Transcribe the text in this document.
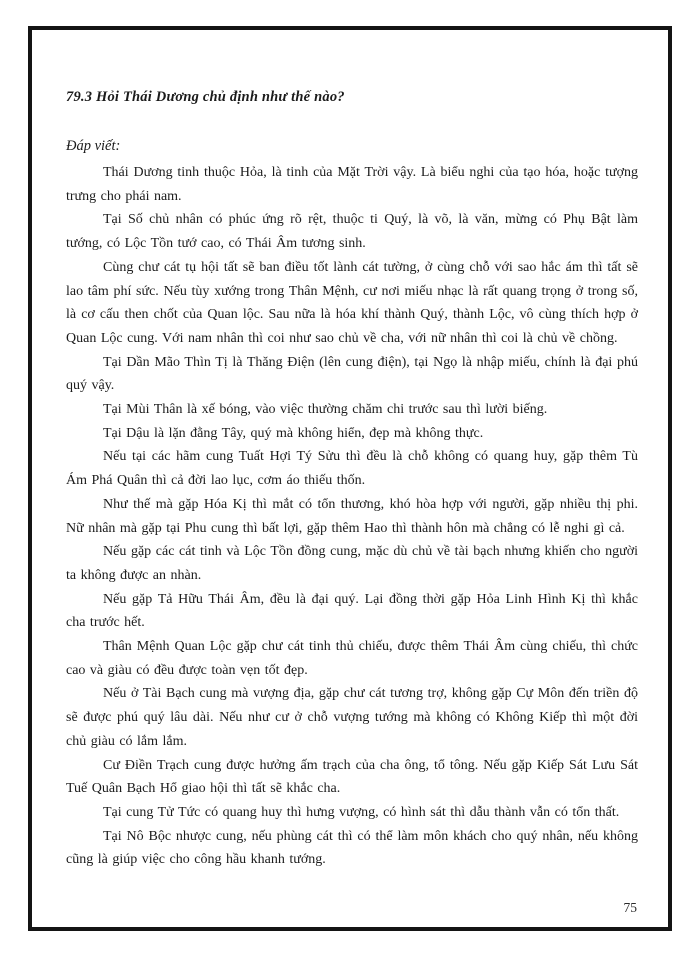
79.3 Hỏi Thái Dương chủ định như thế nào?
Đáp viết:

Thái Dương tinh thuộc Hỏa, là tinh của Mặt Trời vậy. Là biểu nghi của tạo hóa, hoặc tượng trưng cho phái nam.

Tại Số chủ nhân có phúc ứng rõ rệt, thuộc ti Quý, là võ, là văn, mừng có Phụ Bật làm tướng, có Lộc Tồn tướ cao, có Thái Âm tương sinh.

Cùng chư cát tụ hội tất sẽ ban điều tốt lành cát tường, ở cùng chỗ với sao hắc ám thì tất sẽ lao tâm phí sức. Nếu tùy xướng trong Thân Mệnh, cư nơi miếu nhạc là rất quang trọng ở trong số, là cơ cấu then chốt của Quan lộc. Sau nữa là hóa khí thành Quý, thành Lộc, vô cùng thích hợp ở Quan Lộc cung. Với nam nhân thì coi như sao chủ về cha, với nữ nhân thì coi là chủ về chồng.

Tại Dần Mão Thìn Tị là Thăng Điện (lên cung điện), tại Ngọ là nhập miếu, chính là đại phú quý vậy.

Tại Mùi Thân là xế bóng, vào việc thường chăm chi trước sau thì lười biếng.

Tại Dậu là lặn đằng Tây, quý mà không hiển, đẹp mà không thực.

Nếu tại các hãm cung Tuất Hợi Tý Sửu thì đều là chỗ không có quang huy, gặp thêm Tù Ám Phá Quân thì cả đời lao lục, cơm áo thiếu thốn.

Như thế mà gặp Hóa Kị thì mắt có tổn thương, khó hòa hợp với người, gặp nhiều thị phi. Nữ nhân mà gặp tại Phu cung thì bất lợi, gặp thêm Hao thì thành hôn mà chẳng có lễ nghi gì cả.

Nếu gặp các cát tinh và Lộc Tồn đồng cung, mặc dù chủ về tài bạch nhưng khiến cho người ta không được an nhàn.

Nếu gặp Tả Hữu Thái Âm, đều là đại quý. Lại đồng thời gặp Hỏa Linh Hình Kị thì khắc cha trước hết.

Thân Mệnh Quan Lộc gặp chư cát tinh thủ chiếu, được thêm Thái Âm cùng chiếu, thì chức cao và giàu có đều được toàn vẹn tốt đẹp.

Nếu ở Tài Bạch cung mà vượng địa, gặp chư cát tương trợ, không gặp Cự Môn đến triền độ sẽ được phú quý lâu dài. Nếu như cư ở chỗ vượng tướng mà không có Không Kiếp thì một đời chủ giàu có lắm lắm.

Cư Điền Trạch cung được hưởng ấm trạch của cha ông, tổ tông. Nếu gặp Kiếp Sát Lưu Sát Tuế Quân Bạch Hổ giao hội thì tất sẽ khắc cha.

Tại cung Tử Tức có quang huy thì hưng vượng, có hình sát thì dẫu thành vẫn có tổn thất.

Tại Nô Bộc nhược cung, nếu phùng cát thì có thể làm môn khách cho quý nhân, nếu không cũng là giúp việc cho công hầu khanh tướng.

75
